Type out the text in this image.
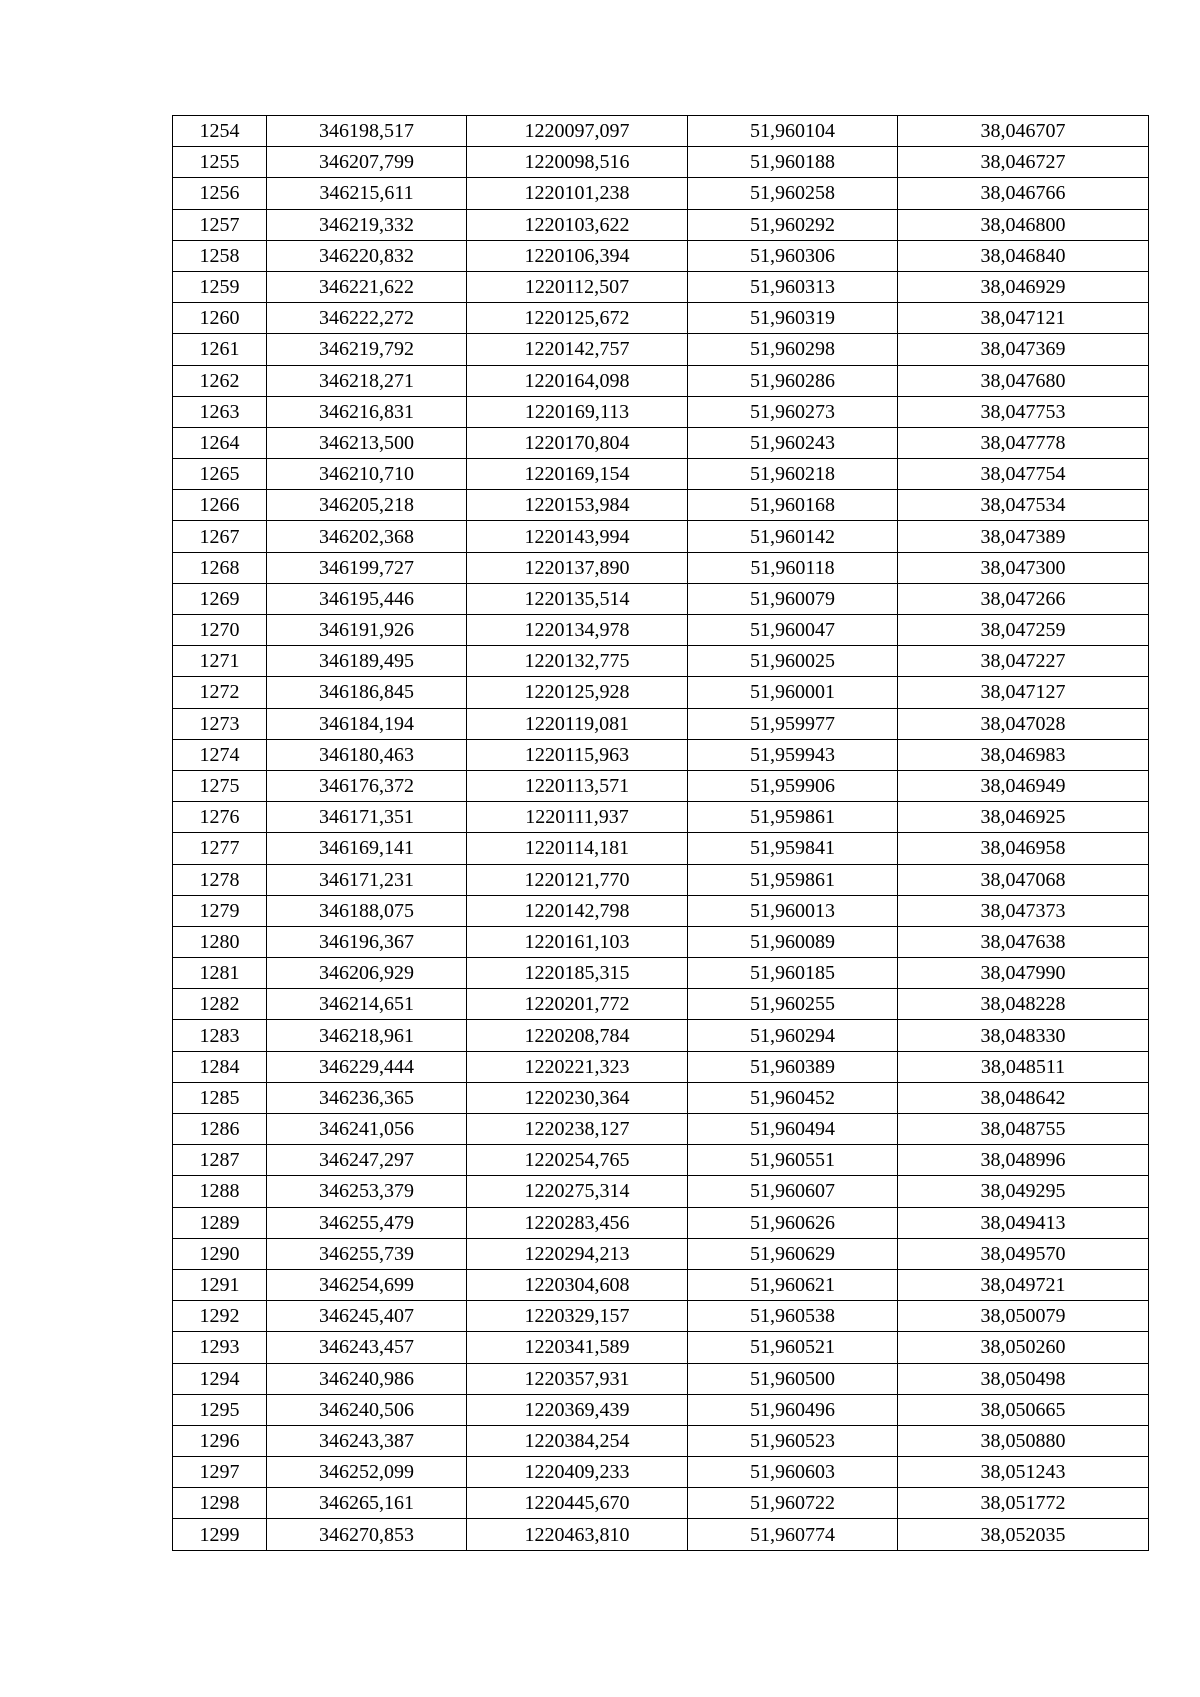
1254	346198,517	1220097,097	51,960104	38,046707
1255	346207,799	1220098,516	51,960188	38,046727
1256	346215,611	1220101,238	51,960258	38,046766
1257	346219,332	1220103,622	51,960292	38,046800
1258	346220,832	1220106,394	51,960306	38,046840
1259	346221,622	1220112,507	51,960313	38,046929
1260	346222,272	1220125,672	51,960319	38,047121
1261	346219,792	1220142,757	51,960298	38,047369
1262	346218,271	1220164,098	51,960286	38,047680
1263	346216,831	1220169,113	51,960273	38,047753
1264	346213,500	1220170,804	51,960243	38,047778
1265	346210,710	1220169,154	51,960218	38,047754
1266	346205,218	1220153,984	51,960168	38,047534
1267	346202,368	1220143,994	51,960142	38,047389
1268	346199,727	1220137,890	51,960118	38,047300
1269	346195,446	1220135,514	51,960079	38,047266
1270	346191,926	1220134,978	51,960047	38,047259
1271	346189,495	1220132,775	51,960025	38,047227
1272	346186,845	1220125,928	51,960001	38,047127
1273	346184,194	1220119,081	51,959977	38,047028
1274	346180,463	1220115,963	51,959943	38,046983
1275	346176,372	1220113,571	51,959906	38,046949
1276	346171,351	1220111,937	51,959861	38,046925
1277	346169,141	1220114,181	51,959841	38,046958
1278	346171,231	1220121,770	51,959861	38,047068
1279	346188,075	1220142,798	51,960013	38,047373
1280	346196,367	1220161,103	51,960089	38,047638
1281	346206,929	1220185,315	51,960185	38,047990
1282	346214,651	1220201,772	51,960255	38,048228
1283	346218,961	1220208,784	51,960294	38,048330
1284	346229,444	1220221,323	51,960389	38,048511
1285	346236,365	1220230,364	51,960452	38,048642
1286	346241,056	1220238,127	51,960494	38,048755
1287	346247,297	1220254,765	51,960551	38,048996
1288	346253,379	1220275,314	51,960607	38,049295
1289	346255,479	1220283,456	51,960626	38,049413
1290	346255,739	1220294,213	51,960629	38,049570
1291	346254,699	1220304,608	51,960621	38,049721
1292	346245,407	1220329,157	51,960538	38,050079
1293	346243,457	1220341,589	51,960521	38,050260
1294	346240,986	1220357,931	51,960500	38,050498
1295	346240,506	1220369,439	51,960496	38,050665
1296	346243,387	1220384,254	51,960523	38,050880
1297	346252,099	1220409,233	51,960603	38,051243
1298	346265,161	1220445,670	51,960722	38,051772
1299	346270,853	1220463,810	51,960774	38,052035
